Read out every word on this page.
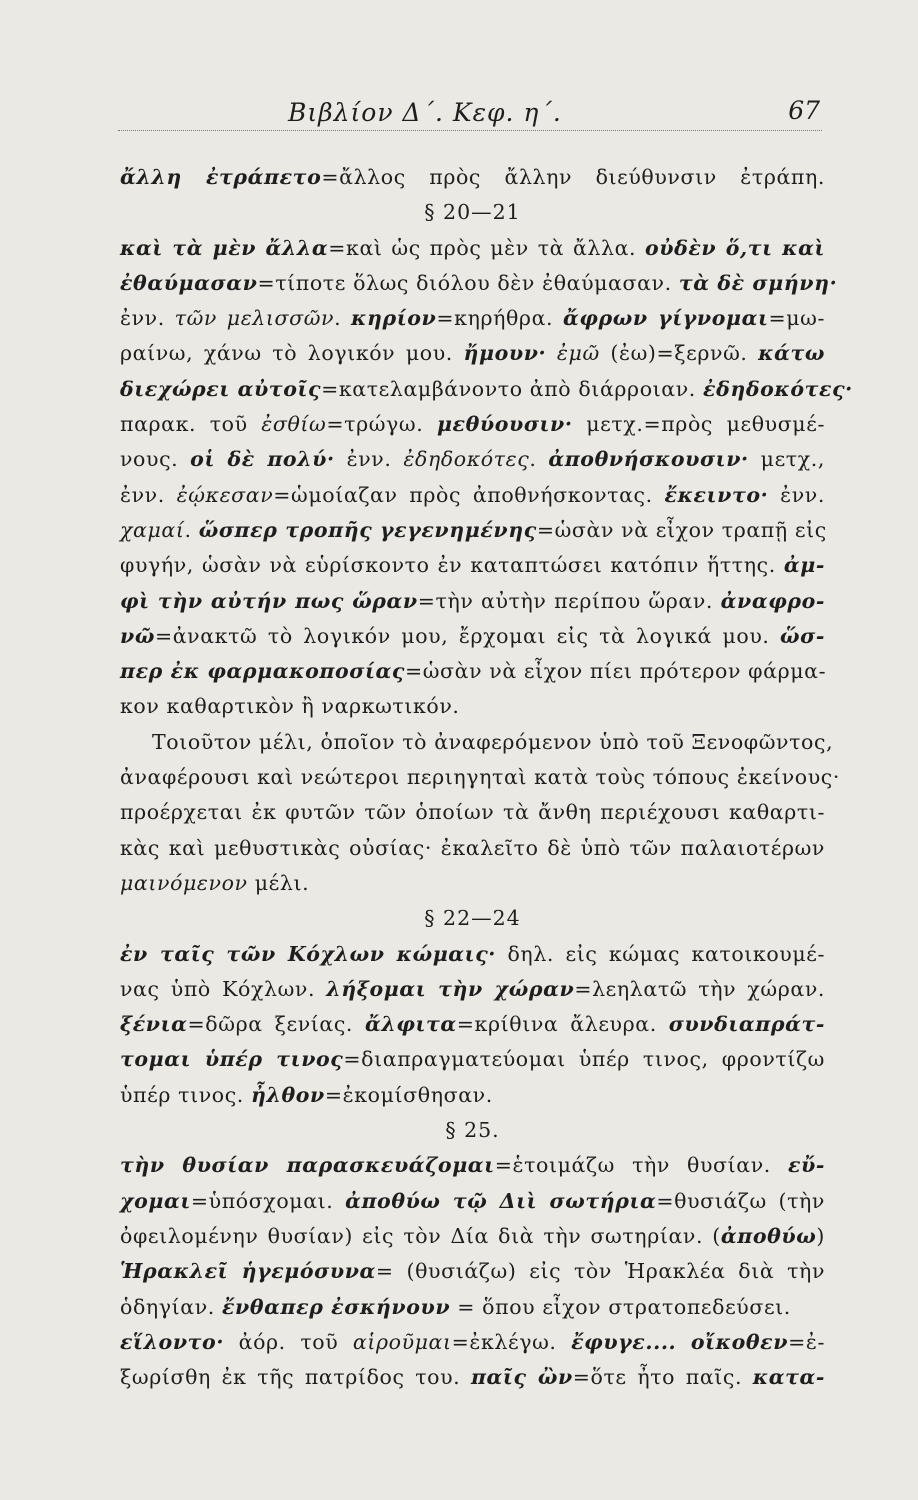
Βιβλίον Δ΄. Κεφ. η΄.	67
ἄλλη ἐτράπετο=ἄλλος πρὸς ἄλλην διεύθυνσιν ἐτράπη.
§ 20—21
καὶ τὰ μὲν ἄλλα=καὶ ὡς πρὸς μὲν τὰ ἄλλα. οὐδὲν ὅ,τι καὶ
ἐθαύμασαν=τίποτε ὅλως διόλου δὲν ἐθαύμασαν. τὰ δὲ σμήνη·
ἐνν. τῶν μελισσῶν. κηρίον=κηρήθρα. ἄφρων γίγνομαι=μω-
ραίνω, χάνω τὸ λογικόν μου. ἤμουν· ἐμῶ (ἐω)=ξερνῶ. κάτω
διεχώρει αὐτοῖς=κατελαμβάνοντο ἀπὸ διάρροιαν. ἐδηδοκότες·
παρακ. τοῦ ἐσθίω=τρώγω. μεθύουσιν· μετχ.=πρὸς μεθυσμέ-
νους. οἱ δὲ πολύ· ἐνν. ἐδηδοκότες. ἀποθνήσκουσιν· μετχ.,
ἐνν. ἐῴκεσαν=ὡμοίαζαν πρὸς ἀποθνήσκοντας. ἔκειντο· ἐνν.
χαμαί. ὥσπερ τροπῆς γεγενημένης=ὡσὰν νὰ εἶχον τραπῇ εἰς
φυγήν, ὡσὰν νὰ εὑρίσκοντο ἐν καταπτώσει κατόπιν ἥττης. ἀμ-
φὶ τὴν αὐτήν πως ὥραν=τὴν αὐτὴν περίπου ὥραν. ἀναφρο-
νῶ=ἀνακτῶ τὸ λογικόν μου, ἔρχομαι εἰς τὰ λογικά μου. ὥσ-
περ ἐκ φαρμακοποσίας=ὡσὰν νὰ εἶχον πίει πρότερον φάρμα-
κον καθαρτικὸν ἢ ναρκωτικόν.
Τοιοῦτον μέλι, ὁποῖον τὸ ἀναφερόμενον ὑπὸ τοῦ Ξενοφῶντος,
ἀναφέρουσι καὶ νεώτεροι περιηγηταὶ κατὰ τοὺς τόπους ἐκείνους·
προέρχεται ἐκ φυτῶν τῶν ὁποίων τὰ ἄνθη περιέχουσι καθαρτι-
κὰς καὶ μεθυστικὰς οὐσίας· ἐκαλεῖτο δὲ ὑπὸ τῶν παλαιοτέρων
μαινόμενον μέλι.
§ 22—24
ἐν ταῖς τῶν Κόχλων κώμαις· δηλ. εἰς κώμας κατοικουμέ-
νας ὑπὸ Κόχλων. λήξομαι τὴν χώραν=λεηλατῶ τὴν χώραν.
ξένια=δῶρα ξενίας. ἄλφιτα=κρίθινα ἄλευρα. συνδιαπράτ-
τομαι ὑπέρ τινος=διαπραγματεύομαι ὑπέρ τινος, φροντίζω
ὑπέρ τινος. ἦλθον=ἐκομίσθησαν.
§ 25.
τὴν θυσίαν παρασκευάζομαι=ἑτοιμάζω τὴν θυσίαν. εὔ-
χομαι=ὑπόσχομαι. ἀποθύω τῷ Διὶ σωτήρια=θυσιάζω (τὴν
ὀφειλομένην θυσίαν) εἰς τὸν Δία διὰ τὴν σωτηρίαν. (ἀποθύω)
Ἡρακλεῖ ἡγεμόσυνα= (θυσιάζω) εἰς τὸν Ἡρακλέα διὰ τὴν
ὁδηγίαν. ἔνθαπερ ἐσκήνουν = ὅπου εἶχον στρατοπεδεύσει.
εἵλοντο· ἀόρ. τοῦ αἱροῦμαι=ἐκλέγω. ἔφυγε.... οἴκοθεν=ἐ-
ξωρίσθη ἐκ τῆς πατρίδος του. παῖς ὢν=ὅτε ἦτο παῖς. κατα-
